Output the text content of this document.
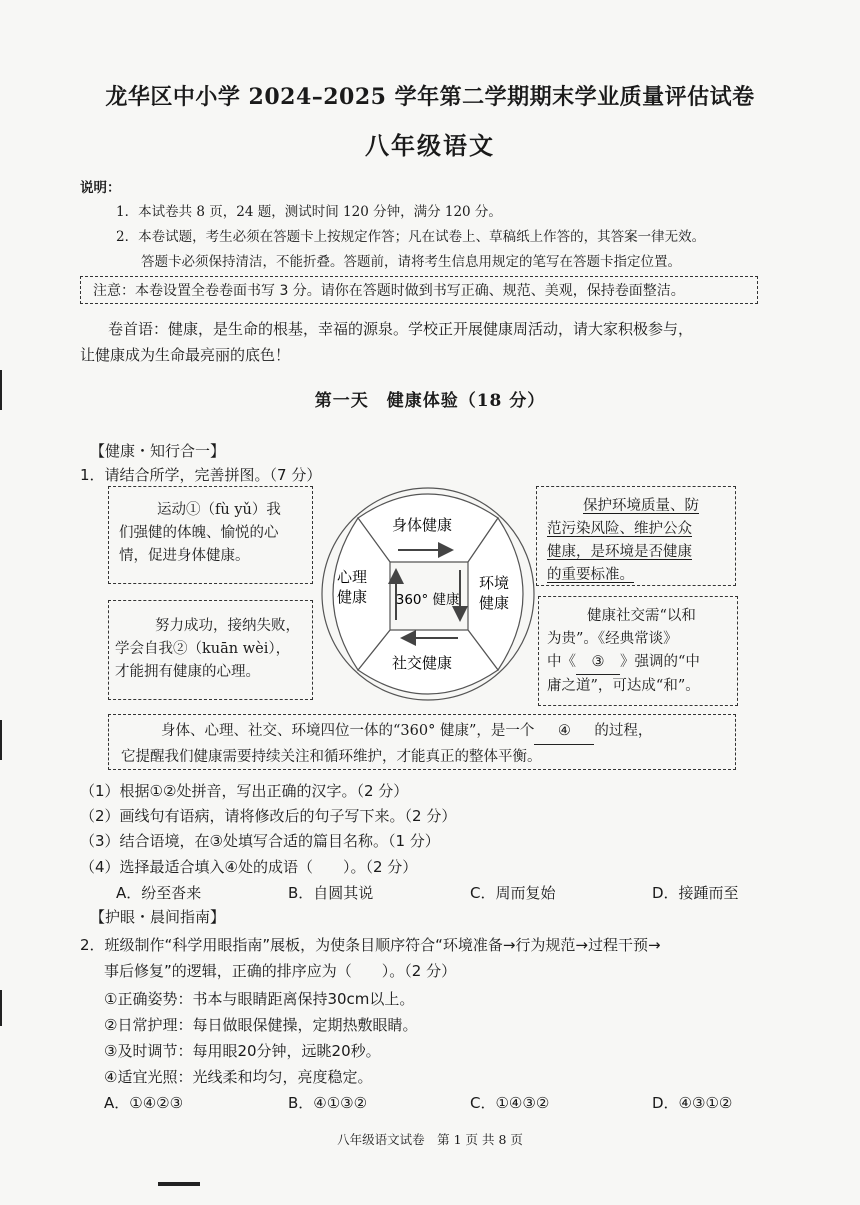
龙华区中小学 2024–2025 学年第二学期期末学业质量评估试卷
八年级语文
说明：
1．本试卷共 8 页，24 题，测试时间 120 分钟，满分 120 分。
2．本卷试题，考生必须在答题卡上按规定作答；凡在试卷上、草稿纸上作答的，其答案一律无效。
答题卡必须保持清洁，不能折叠。答题前，请将考生信息用规定的笔写在答题卡指定位置。
注意：本卷设置全卷卷面书写 3 分。请你在答题时做到书写正确、规范、美观，保持卷面整洁。
卷首语：健康，是生命的根基，幸福的源泉。学校正开展健康周活动，请大家积极参与，
让健康成为生命最亮丽的底色！
第一天　健康体验（18 分）
【健康・知行合一】
1．请结合所学，完善拼图。（7 分）
运动①（fù yǔ）我
们强健的体魄、愉悦的心
情，促进身体健康。
努力成功，接纳失败，
学会自我②（kuān wèi），
才能拥有健康的心理。
保护环境质量、防
范污染风险、维护公众
健康，是环境是否健康
的重要标准。
健康社交需“以和
为贵”。《经典常谈》
中《 ③ 》强调的“中
庸之道”，可达成“和”。
身体健康
心理
健康
环境
健康
社交健康
360° 健康
身体、心理、社交、环境四位一体的“360° 健康”，是一个 ④ 的过程，
它提醒我们健康需要持续关注和循环维护，才能真正的整体平衡。
（1）根据①②处拼音，写出正确的汉字。（2 分）
（2）画线句有语病，请将修改后的句子写下来。（2 分）
（3）结合语境，在③处填写合适的篇目名称。（1 分）
（4）选择最适合填入④处的成语（　　）。（2 分）
A．纷至沓来	B．自圆其说	C．周而复始	D．接踵而至
【护眼・晨间指南】
2．班级制作“科学用眼指南”展板，为使条目顺序符合“环境准备→行为规范→过程干预→
事后修复”的逻辑，正确的排序应为（　　）。（2 分）
①正确姿势：书本与眼睛距离保持30cm以上。
②日常护理：每日做眼保健操，定期热敷眼睛。
③及时调节：每用眼20分钟，远眺20秒。
④适宜光照：光线柔和均匀，亮度稳定。
A．①④②③	B．④①③②	C．①④③②	D．④③①②
八年级语文试卷　第 1 页 共 8 页
